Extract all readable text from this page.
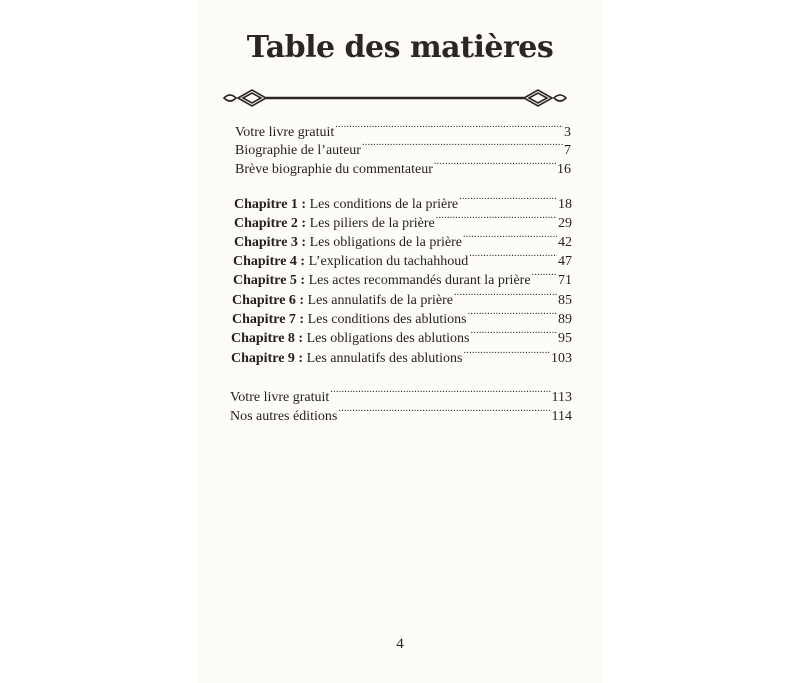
Table des matières
Votre livre gratuit .....	3
Biographie de l’auteur .....	7
Brève biographie du commentateur .....	16
Chapitre 1 : Les conditions de la prière .....	18
Chapitre 2 : Les piliers de la prière .....	29
Chapitre 3 : Les obligations de la prière .....	42
Chapitre 4 : L’explication du tachahhoud .....	47
Chapitre 5 : Les actes recommandés durant la prière ..... 71
Chapitre 6 : Les annulatifs de la prière .....	85
Chapitre 7 : Les conditions des ablutions .....	89
Chapitre 8 : Les obligations des ablutions .....	95
Chapitre 9 : Les annulatifs des ablutions .....	103
Votre livre gratuit .....	113
Nos autres éditions .....	114
4
